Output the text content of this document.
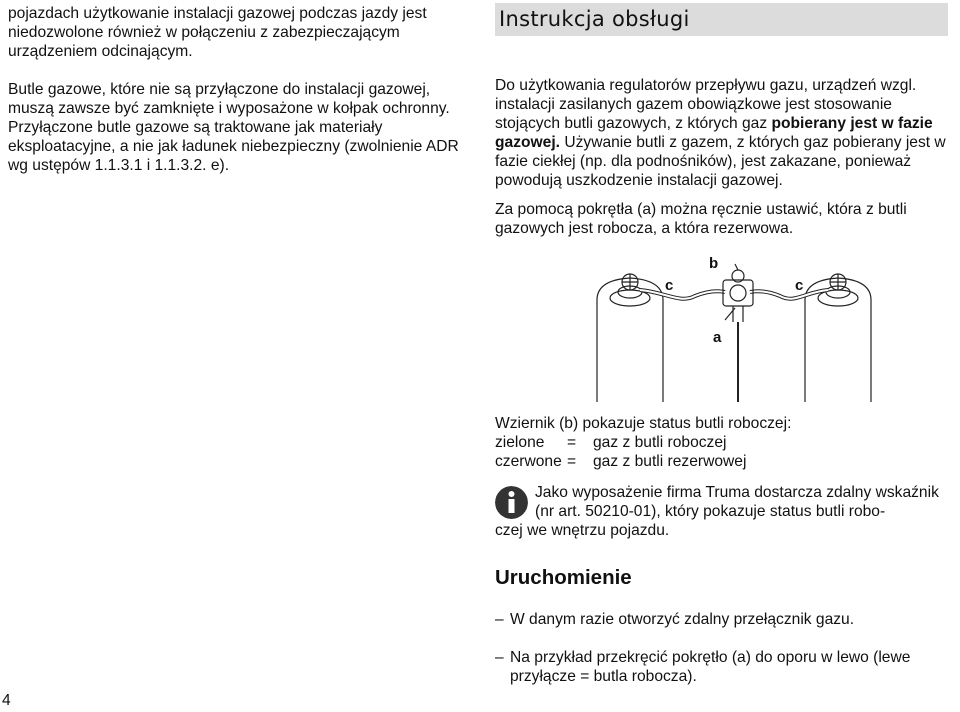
pojazdach użytkowanie instalacji gazowej podczas jazdy jest niedozwolone również w połączeniu z zabezpieczającym urządzeniem odcinającym.

Butle gazowe, które nie są przyłączone do instalacji gazowej, muszą zawsze być zamknięte i wyposażone w kołpak ochronny. Przyłączone butle gazowe są traktowane jak materiały eksploatacyjne, a nie jak ładunek niebezpieczny (zwolnienie ADR wg ustępów 1.1.3.1 i 1.1.3.2. e).

Instrukcja obsługi

Do użytkowania regulatorów przepływu gazu, urządzeń wzgl. instalacji zasilanych gazem obowiązkowe jest stosowanie stojących butli gazowych, z których gaz pobierany jest w fazie gazowej. Używanie butli z gazem, z których gaz pobierany jest w fazie ciekłej (np. dla podnośników), jest zakazane, ponieważ powodują uszkodzenie instalacji gazowej.

Za pomocą pokrętła (a) można ręcznie ustawić, która z butli gazowych jest robocza, a która rezerwowa.

b
c	c
a
Wziernik (b) pokazuje status butli roboczej:
zielone	=	gaz z butli roboczej
czerwone =	gaz z butli rezerwowej
Jako wyposażenie firma Truma dostarcza zdalny wskaźnik (nr art. 50210-01), który pokazuje status butli robo-
czej we wnętrzu pojazdu.
Uruchomienie
– W danym razie otworzyć zdalny przełącznik gazu.
– Na przykład przekręcić pokrętło (a) do oporu w lewo (lewe przyłącze = butla robocza).
4
